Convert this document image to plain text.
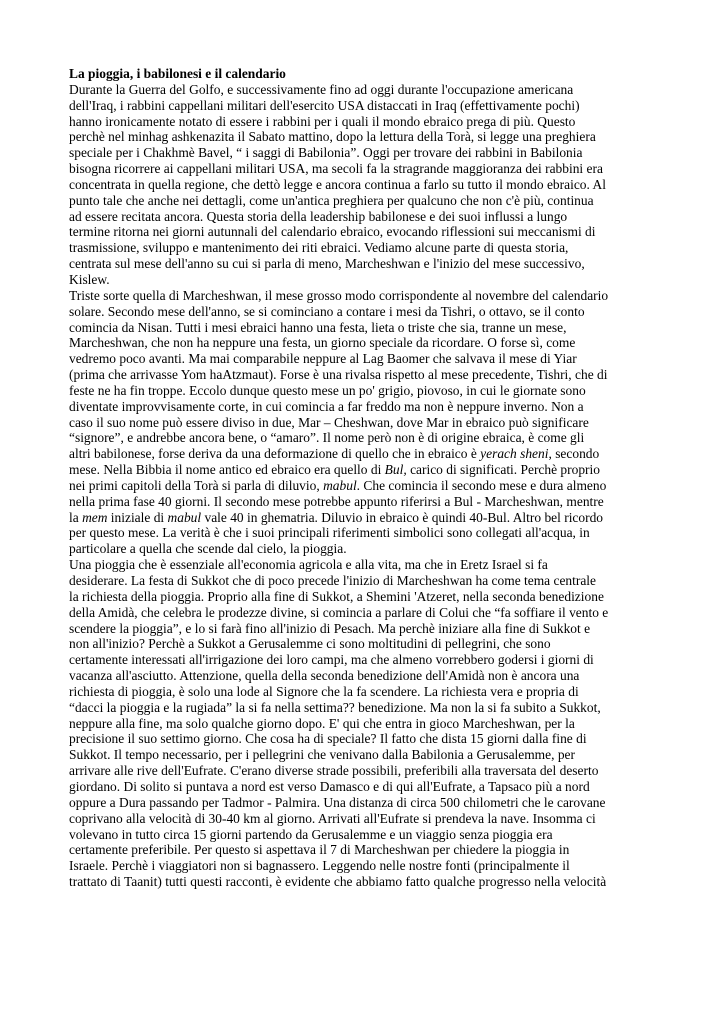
La pioggia, i babilonesi e il calendario

Durante la Guerra del Golfo, e successivamente fino ad oggi durante l'occupazione americana
dell'Iraq, i rabbini cappellani militari dell'esercito USA distaccati in Iraq (effettivamente pochi)
hanno ironicamente notato di essere i rabbini per i quali il mondo ebraico prega di più. Questo
perchè nel minhag ashkenazita il Sabato mattino, dopo la lettura della Torà, si legge una preghiera
speciale per i Chakhmè Bavel, “ i saggi di Babilonia”. Oggi per trovare dei rabbini in Babilonia
bisogna ricorrere ai cappellani militari USA, ma secoli fa la stragrande maggioranza dei rabbini era
concentrata in quella regione, che dettò legge e ancora continua a farlo su tutto il mondo ebraico. Al
punto tale che anche nei dettagli, come un'antica preghiera per qualcuno che non c'è più, continua
ad essere recitata ancora. Questa storia della leadership babilonese e dei suoi influssi a lungo
termine ritorna nei giorni autunnali del calendario ebraico, evocando riflessioni sui meccanismi di
trasmissione, sviluppo e mantenimento dei riti ebraici. Vediamo alcune parte di questa storia,
centrata sul mese dell'anno su cui si parla di meno, Marcheshwan e l'inizio del mese successivo,
Kislew.
Triste sorte quella di Marcheshwan, il mese grosso modo corrispondente al novembre del calendario
solare. Secondo mese dell'anno, se si cominciano a contare i mesi da Tishri, o ottavo, se il conto
comincia da Nisan. Tutti i mesi ebraici hanno una festa, lieta o triste che sia, tranne un mese,
Marcheshwan, che non ha neppure una festa, un giorno speciale da ricordare. O forse sì, come
vedremo poco avanti. Ma mai comparabile neppure al Lag Baomer che salvava il mese di Yiar
(prima che arrivasse Yom haAtzmaut). Forse è una rivalsa rispetto al mese precedente, Tishri, che di
feste ne ha fin troppe. Eccolo dunque questo mese un po' grigio, piovoso, in cui le giornate sono
diventate improvvisamente corte, in cui comincia a far freddo ma non è neppure inverno. Non a
caso il suo nome può essere diviso in due, Mar – Cheshwan, dove Mar in ebraico può significare
“signore”, e andrebbe ancora bene, o “amaro”. Il nome però non è di origine ebraica, è come gli
altri babilonese, forse deriva da una deformazione di quello che in ebraico è yerach sheni, secondo
mese. Nella Bibbia il nome antico ed ebraico era quello di Bul, carico di significati. Perchè proprio
nei primi capitoli della Torà si parla di diluvio, mabul. Che comincia il secondo mese e dura almeno
nella prima fase 40 giorni. Il secondo mese potrebbe appunto riferirsi a Bul - Marcheshwan, mentre
la mem iniziale di mabul vale 40 in ghematria. Diluvio in ebraico è quindi 40-Bul. Altro bel ricordo
per questo mese. La verità è che i suoi principali riferimenti simbolici sono collegati all'acqua, in
particolare a quella che scende dal cielo, la pioggia.
Una pioggia che è essenziale all'economia agricola e alla vita, ma che in Eretz Israel si fa
desiderare. La festa di Sukkot che di poco precede l'inizio di Marcheshwan ha come tema centrale
la richiesta della pioggia. Proprio alla fine di Sukkot, a Shemini 'Atzeret, nella seconda benedizione
della Amidà, che celebra le prodezze divine, si comincia a parlare di Colui che “fa soffiare il vento e
scendere la pioggia”, e lo si farà fino all'inizio di Pesach. Ma perchè iniziare alla fine di Sukkot e
non all'inizio? Perchè a Sukkot a Gerusalemme ci sono moltitudini di pellegrini, che sono
certamente interessati all'irrigazione dei loro campi, ma che almeno vorrebbero godersi i giorni di
vacanza all'asciutto. Attenzione, quella della seconda benedizione dell'Amidà non è ancora una
richiesta di pioggia, è solo una lode al Signore che la fa scendere. La richiesta vera e propria di
“dacci la pioggia e la rugiada” la si fa nella settima?? benedizione. Ma non la si fa subito a Sukkot,
neppure alla fine, ma solo qualche giorno dopo. E' qui che entra in gioco Marcheshwan, per la
precisione il suo settimo giorno. Che cosa ha di speciale? Il fatto che dista 15 giorni dalla fine di
Sukkot. Il tempo necessario, per i pellegrini che venivano dalla Babilonia a Gerusalemme, per
arrivare alle rive dell'Eufrate. C'erano diverse strade possibili, preferibili alla traversata del deserto
giordano. Di solito si puntava a nord est verso Damasco e di qui all'Eufrate, a Tapsaco più a nord
oppure a Dura passando per Tadmor - Palmira. Una distanza di circa 500 chilometri che le carovane
coprivano alla velocità di 30-40 km al giorno. Arrivati all'Eufrate si prendeva la nave. Insomma ci
volevano in tutto circa 15 giorni partendo da Gerusalemme e un viaggio senza pioggia era
certamente preferibile. Per questo si aspettava il 7 di Marcheshwan per chiedere la pioggia in
Israele. Perchè i viaggiatori non si bagnassero. Leggendo nelle nostre fonti (principalmente il
trattato di Taanit) tutti questi racconti, è evidente che abbiamo fatto qualche progresso nella velocità
